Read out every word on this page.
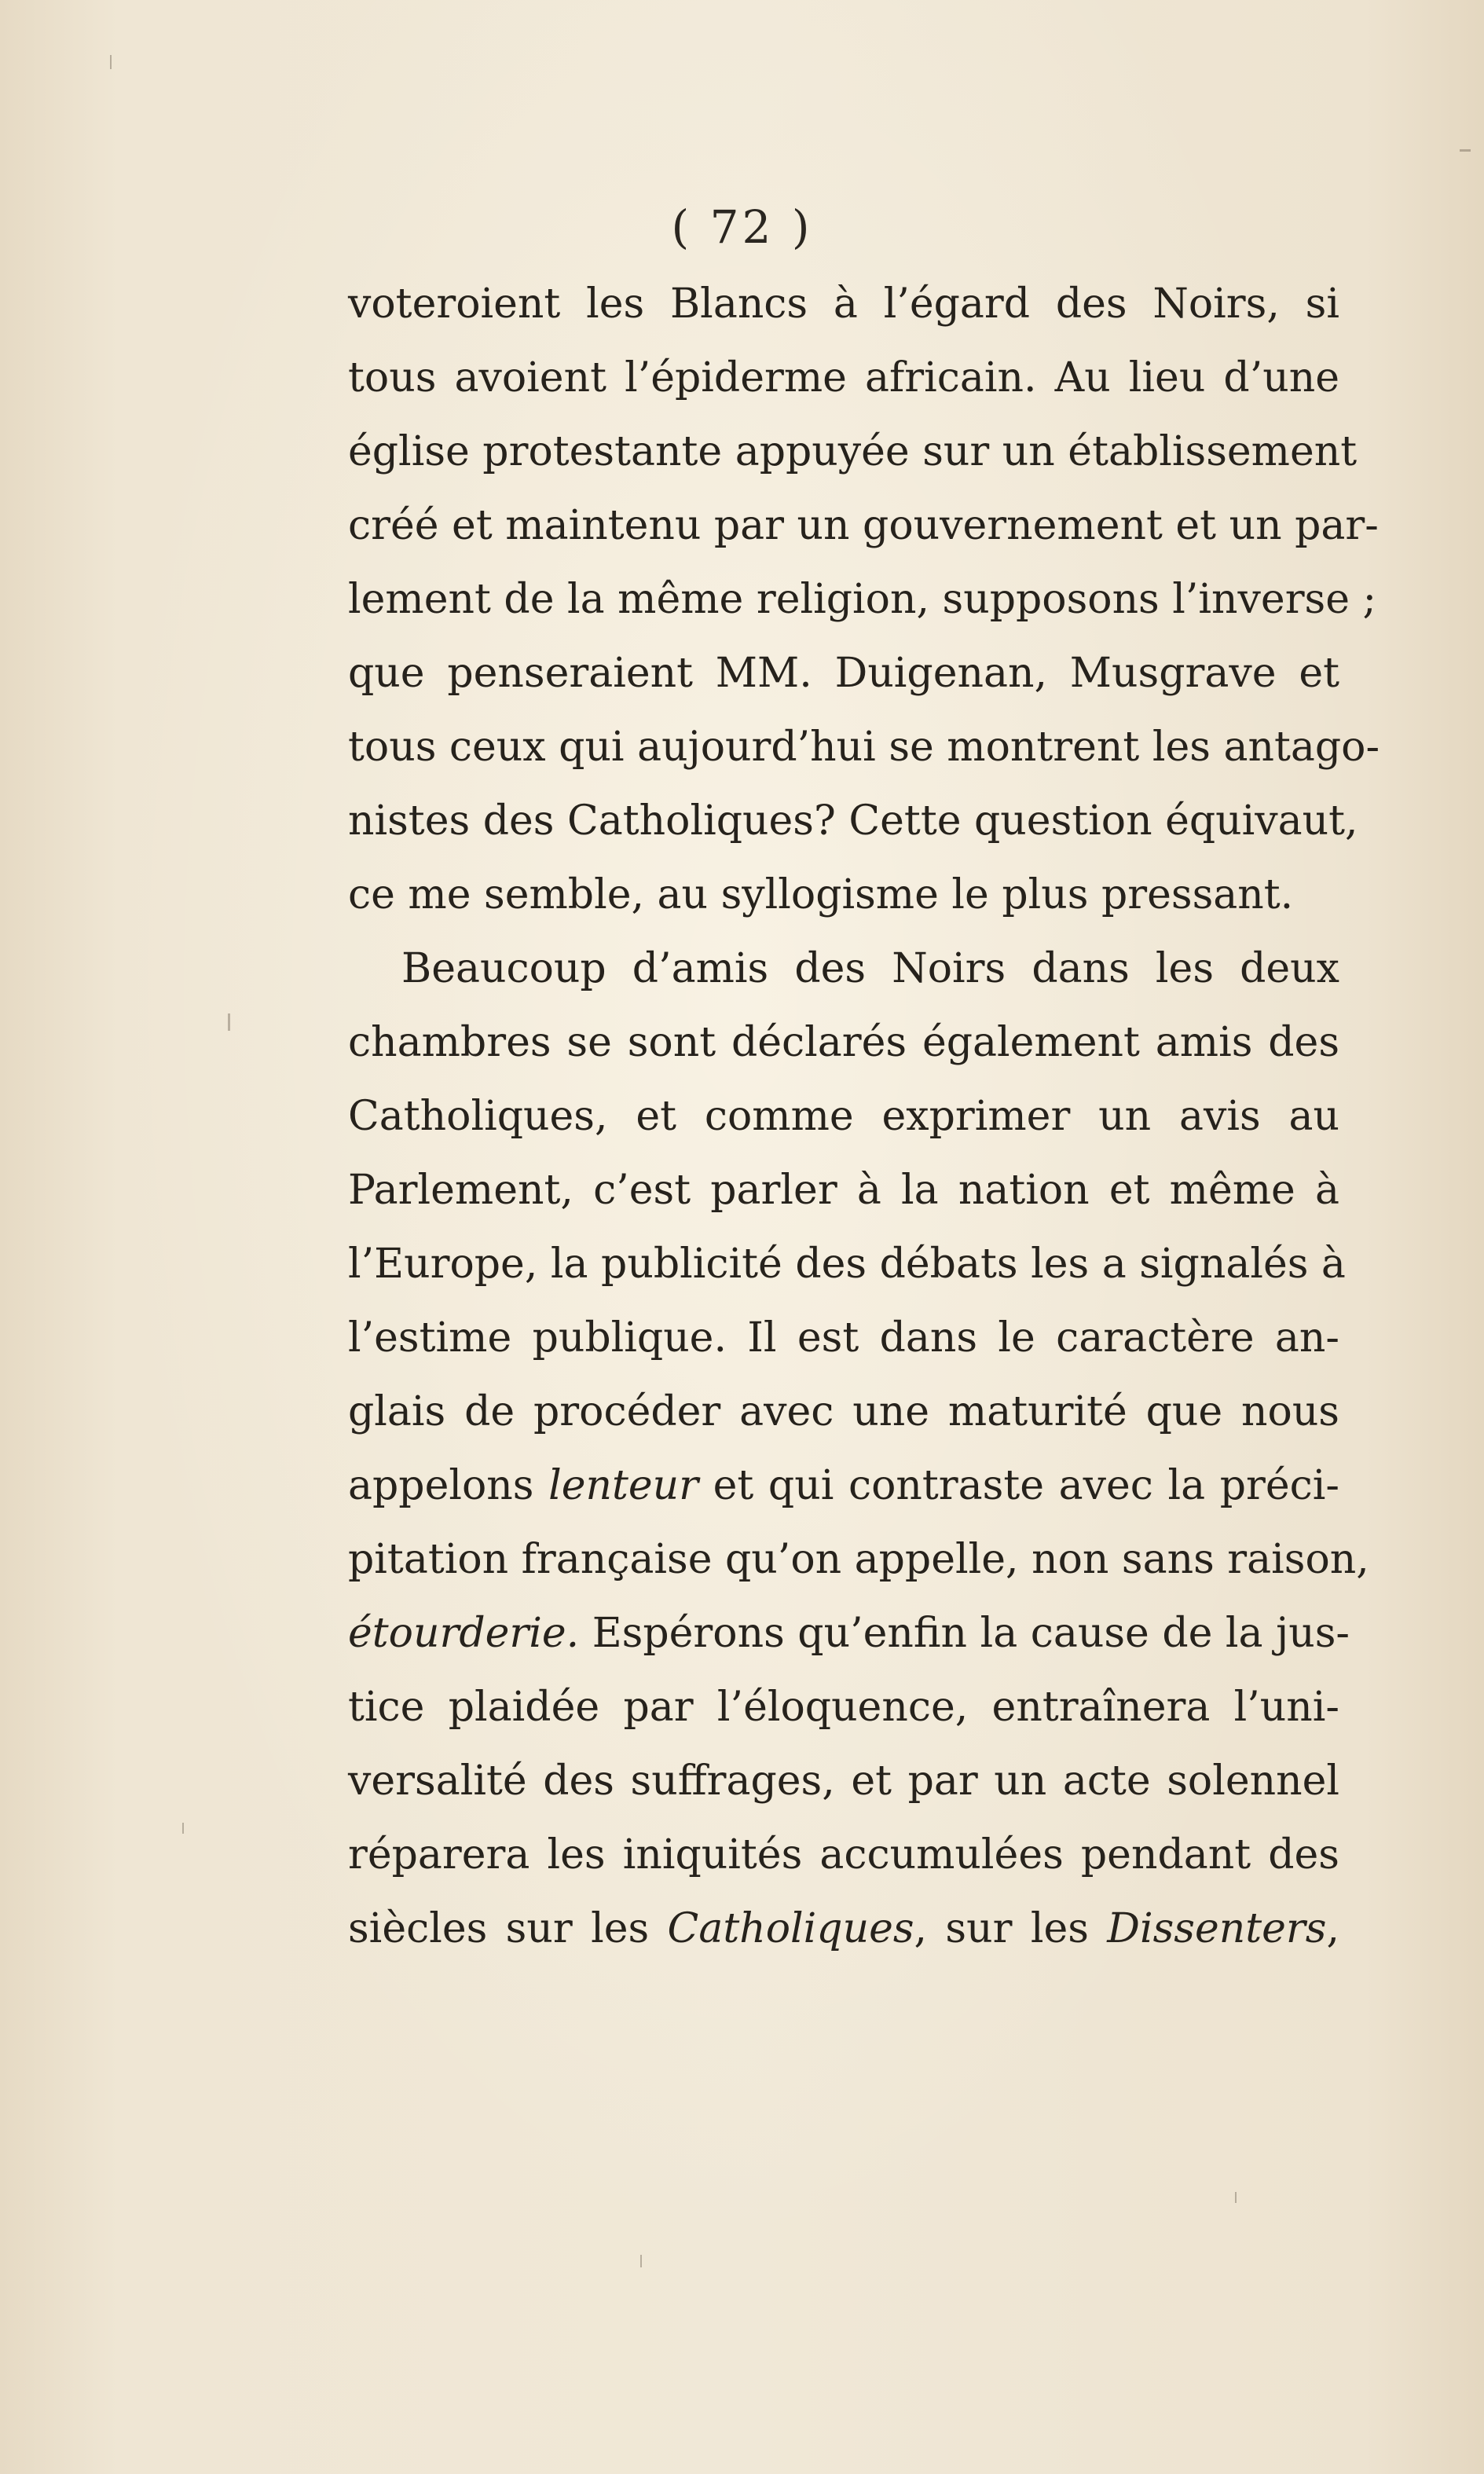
( 72 )
voteroient les Blancs à l’égard des Noirs, si
tous avoient l’épiderme africain. Au lieu d’une
église protestante appuyée sur un établissement
créé et maintenu par un gouvernement et un par-
lement de la même religion, supposons l’inverse ;
que penseraient MM. Duigenan, Musgrave et
tous ceux qui aujourd’hui se montrent les antago-
nistes des Catholiques? Cette question équivaut,
ce me semble, au syllogisme le plus pressant.
Beaucoup d’amis des Noirs dans les deux
chambres se sont déclarés également amis des
Catholiques, et comme exprimer un avis au
Parlement, c’est parler à la nation et même à
l’Europe, la publicité des débats les a signalés à
l’estime publique. Il est dans le caractère an-
glais de procéder avec une maturité que nous
appelons lenteur et qui contraste avec la préci-
pitation française qu’on appelle, non sans raison,
étourderie. Espérons qu’enfin la cause de la jus-
tice plaidée par l’éloquence, entraînera l’uni-
versalité des suffrages, et par un acte solennel
réparera les iniquités accumulées pendant des
siècles sur les Catholiques, sur les Dissenters,
